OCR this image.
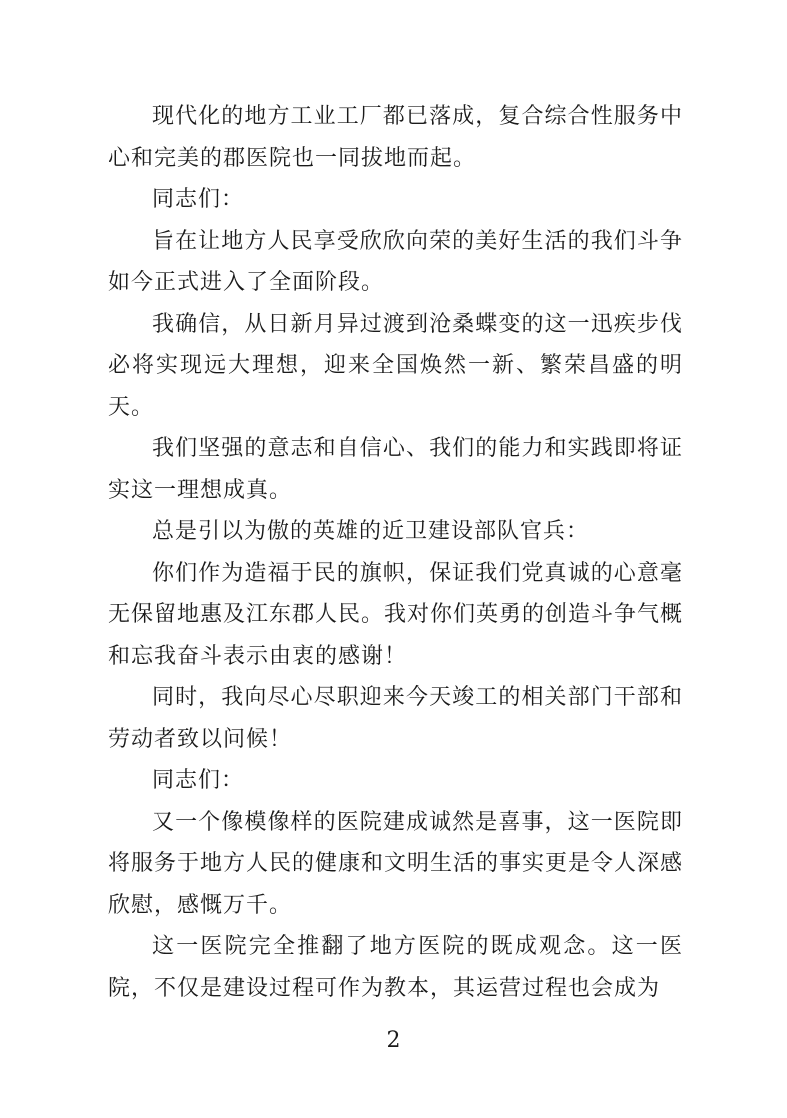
现代化的地方工业工厂都已落成，复合综合性服务中心和完美的郡医院也一同拔地而起。

同志们：

旨在让地方人民享受欣欣向荣的美好生活的我们斗争如今正式进入了全面阶段。

我确信，从日新月异过渡到沧桑蝶变的这一迅疾步伐必将实现远大理想，迎来全国焕然一新、繁荣昌盛的明天。

我们坚强的意志和自信心、我们的能力和实践即将证实这一理想成真。

总是引以为傲的英雄的近卫建设部队官兵：

你们作为造福于民的旗帜，保证我们党真诚的心意毫无保留地惠及江东郡人民。我对你们英勇的创造斗争气概和忘我奋斗表示由衷的感谢！

同时，我向尽心尽职迎来今天竣工的相关部门干部和劳动者致以问候！

同志们：

又一个像模像样的医院建成诚然是喜事，这一医院即将服务于地方人民的健康和文明生活的事实更是令人深感欣慰，感慨万千。

这一医院完全推翻了地方医院的既成观念。这一医院，不仅是建设过程可作为教本，其运营过程也会成为

2
